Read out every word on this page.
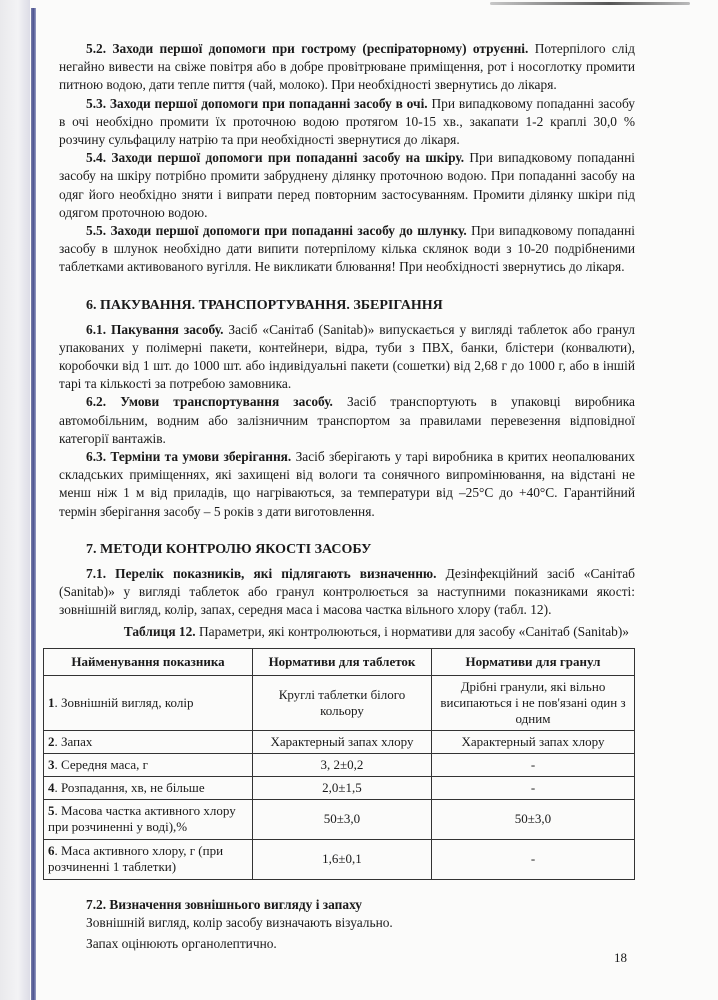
5.2. Заходи першої допомоги при гострому (респіраторному) отруєнні. Потерпілого слід негайно вивести на свіже повітря або в добре провітрюване приміщення, рот і носоглотку промити питною водою, дати тепле пиття (чай, молоко). При необхідності звернутись до лікаря.

5.3. Заходи першої допомоги при попаданні засобу в очі. При випадковому попаданні засобу в очі необхідно промити їх проточною водою протягом 10-15 хв., закапати 1-2 краплі 30,0 % розчину сульфацилу натрію та при необхідності звернутися до лікаря.

5.4. Заходи першої допомоги при попаданні засобу на шкіру. При випадковому попаданні засобу на шкіру потрібно промити забруднену ділянку проточною водою. При попаданні засобу на одяг його необхідно зняти і випрати перед повторним застосуванням. Промити ділянку шкіри під одягом проточною водою.

5.5. Заходи першої допомоги при попаданні засобу до шлунку. При випадковому попаданні засобу в шлунок необхідно дати випити потерпілому кілька склянок води з 10-20 подрібненими таблетками активованого вугілля. Не викликати блювання! При необхідності звернутись до лікаря.

6. ПАКУВАННЯ. ТРАНСПОРТУВАННЯ. ЗБЕРІГАННЯ

6.1. Пакування засобу. Засіб «Санітаб (Sanitab)» випускається у вигляді таблеток або гранул упакованих у полімерні пакети, контейнери, відра, туби з ПВХ, банки, блістери (конвалюти), коробочки від 1 шт. до 1000 шт. або індивідуальні пакети (сошетки) від 2,68 г до 1000 г, або в іншій тарі та кількості за потребою замовника.

6.2. Умови транспортування засобу. Засіб транспортують в упаковці виробника автомобільним, водним або залізничним транспортом за правилами перевезення відповідної категорії вантажів.

6.3. Терміни та умови зберігання. Засіб зберігають у тарі виробника в критих неопалюваних складських приміщеннях, які захищені від вологи та сонячного випромінювання, на відстані не менш ніж 1 м від приладів, що нагріваються, за температури від –25°С до +40°С. Гарантійний термін зберігання засобу – 5 років з дати виготовлення.

7. МЕТОДИ КОНТРОЛЮ ЯКОСТІ ЗАСОБУ

7.1. Перелік показників, які підлягають визначенню. Дезінфекційний засіб «Санітаб (Sanitab)» у вигляді таблеток або гранул контролюється за наступними показниками якості: зовнішній вигляд, колір, запах, середня маса і масова частка вільного хлору (табл. 12).

Таблиця 12. Параметри, які контролюються, і нормативи для засобу «Санітаб (Sanitab)»

Найменування показника	Нормативи для таблеток	Нормативи для гранул
1. Зовнішній вигляд, колір	Круглі таблетки білого кольору	Дрібні гранули, які вільно висипаються і не пов'язані один з одним
2. Запах	Характерный запах хлору	Характерный запах хлору
3. Середня маса, г	3, 2±0,2	-
4. Розпадання, хв, не більше	2,0±1,5	-
5. Масова частка активного хлору при розчиненні у воді),%	50±3,0	50±3,0
6. Маса активного хлору, г (при розчиненні 1 таблетки)	1,6±0,1	-

7.2. Визначення зовнішнього вигляду і запаху

Зовнішній вигляд, колір засобу визначають візуально.

Запах оцінюють органолептично.

18
